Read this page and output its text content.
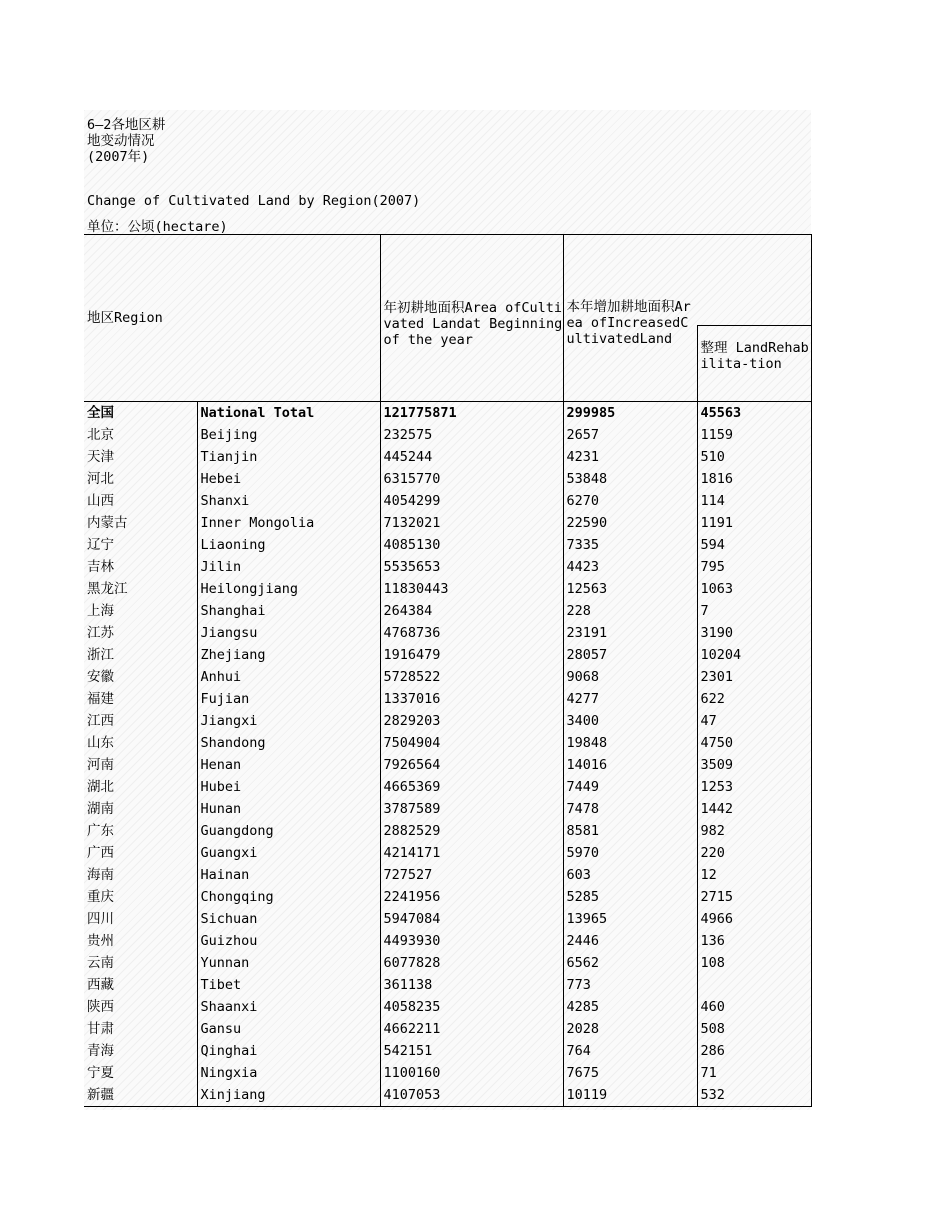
6—2各地区耕
地变动情况
(2007年)
Change of Cultivated Land by Region(2007)
单位：公顷(hectare)
地区Region		年初耕地面积Area ofCultivated Landat Beginningof the year	本年增加耕地面积Area ofIncreasedCultivatedLand	

				整理 LandRehabilita-tion
全国	National Total	121775871	299985	45563
北京	Beijing	232575	2657	1159
天津	Tianjin	445244	4231	510
河北	Hebei	6315770	53848	1816
山西	Shanxi	4054299	6270	114
内蒙古	Inner Mongolia	7132021	22590	1191
辽宁	Liaoning	4085130	7335	594
吉林	Jilin	5535653	4423	795
黑龙江	Heilongjiang	11830443	12563	1063
上海	Shanghai	264384	228	7
江苏	Jiangsu	4768736	23191	3190
浙江	Zhejiang	1916479	28057	10204
安徽	Anhui	5728522	9068	2301
福建	Fujian	1337016	4277	622
江西	Jiangxi	2829203	3400	47
山东	Shandong	7504904	19848	4750
河南	Henan	7926564	14016	3509
湖北	Hubei	4665369	7449	1253
湖南	Hunan	3787589	7478	1442
广东	Guangdong	2882529	8581	982
广西	Guangxi	4214171	5970	220
海南	Hainan	727527	603	12
重庆	Chongqing	2241956	5285	2715
四川	Sichuan	5947084	13965	4966
贵州	Guizhou	4493930	2446	136
云南	Yunnan	6077828	6562	108
西藏	Tibet	361138	773	
陕西	Shaanxi	4058235	4285	460
甘肃	Gansu	4662211	2028	508
青海	Qinghai	542151	764	286
宁夏	Ningxia	1100160	7675	71
新疆	Xinjiang	4107053	10119	532
